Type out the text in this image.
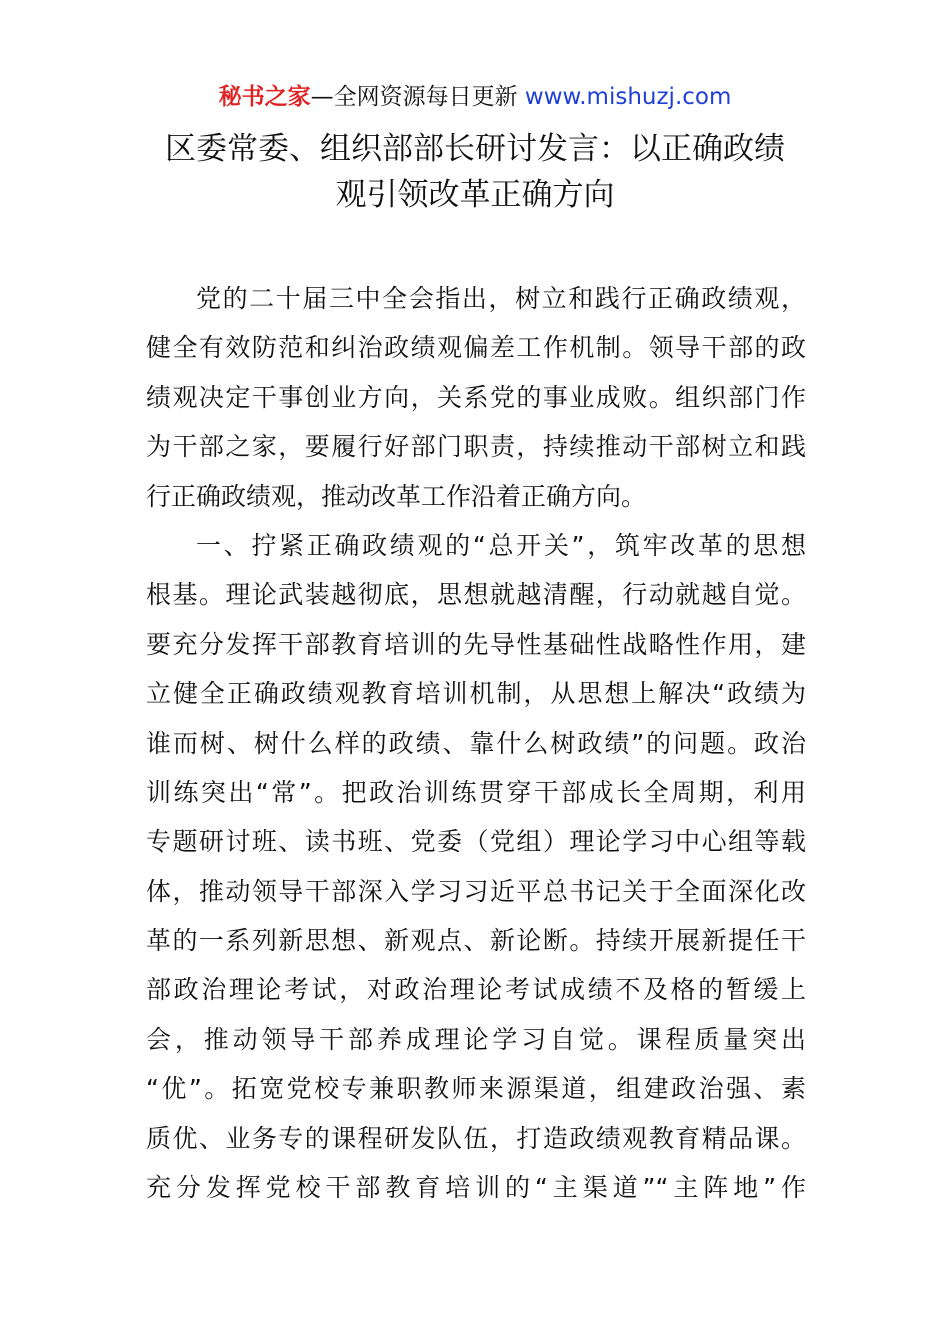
秘书之家—全网资源每日更新 www.mishuzj.com
区委常委、组织部部长研讨发言：以正确政绩
观引领改革正确方向
党的二十届三中全会指出，树立和践行正确政绩观，
健全有效防范和纠治政绩观偏差工作机制。领导干部的政
绩观决定干事创业方向，关系党的事业成败。组织部门作
为干部之家，要履行好部门职责，持续推动干部树立和践
行正确政绩观，推动改革工作沿着正确方向。
一、拧紧正确政绩观的“总开关”，筑牢改革的思想
根基。理论武装越彻底，思想就越清醒，行动就越自觉。
要充分发挥干部教育培训的先导性基础性战略性作用，建
立健全正确政绩观教育培训机制，从思想上解决“政绩为
谁而树、树什么样的政绩、靠什么树政绩”的问题。政治
训练突出“常”。把政治训练贯穿干部成长全周期，利用
专题研讨班、读书班、党委（党组）理论学习中心组等载
体，推动领导干部深入学习习近平总书记关于全面深化改
革的一系列新思想、新观点、新论断。持续开展新提任干
部政治理论考试，对政治理论考试成绩不及格的暂缓上
会，推动领导干部养成理论学习自觉。课程质量突出
“优”。拓宽党校专兼职教师来源渠道，组建政治强、素
质优、业务专的课程研发队伍，打造政绩观教育精品课。
充分发挥党校干部教育培训的“主渠道”“主阵地”作
